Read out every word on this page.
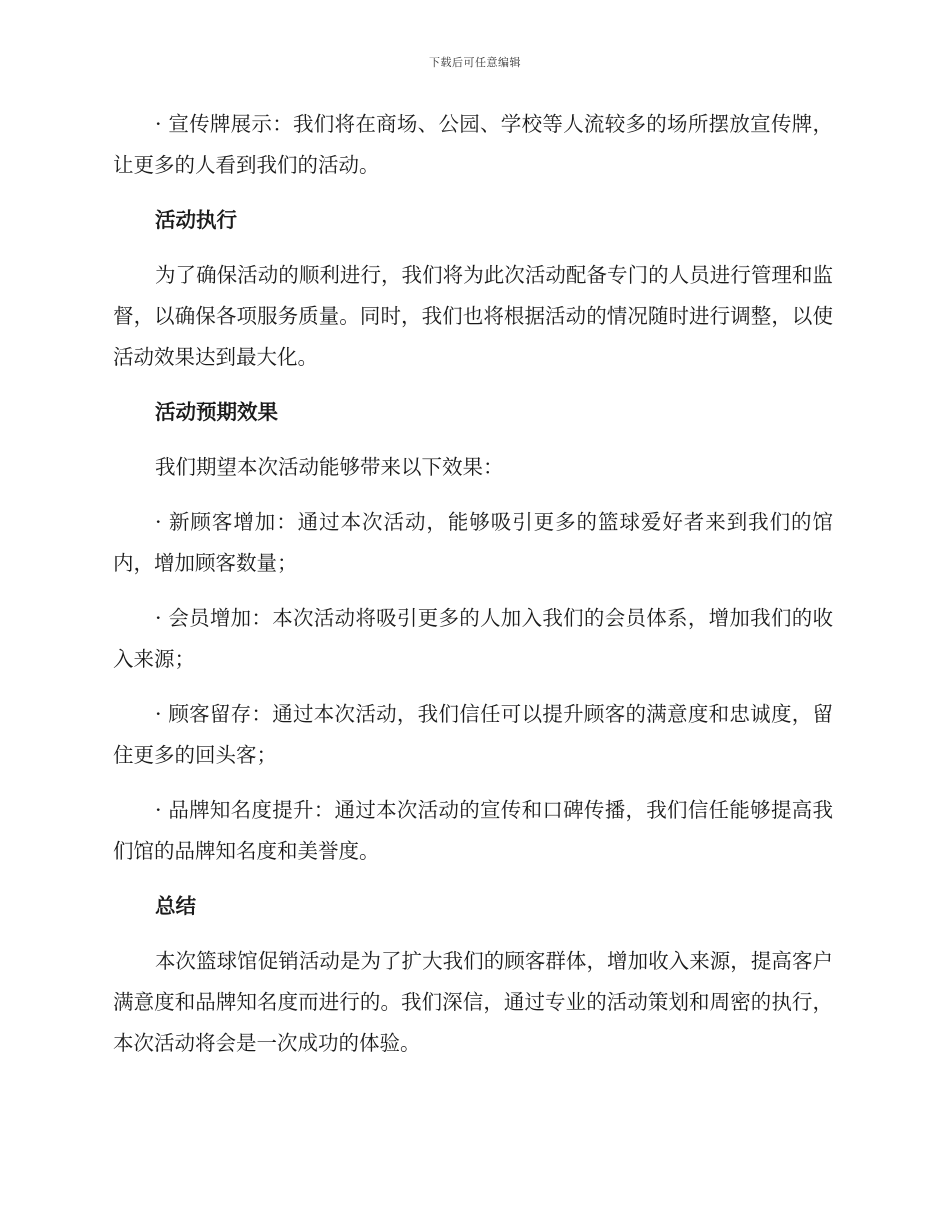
下载后可任意编辑

· 宣传牌展示：我们将在商场、公园、学校等人流较多的场所摆放宣传牌，让更多的人看到我们的活动。

活动执行

为了确保活动的顺利进行，我们将为此次活动配备专门的人员进行管理和监督，以确保各项服务质量。同时，我们也将根据活动的情况随时进行调整，以使活动效果达到最大化。

活动预期效果

我们期望本次活动能够带来以下效果：

· 新顾客增加：通过本次活动，能够吸引更多的篮球爱好者来到我们的馆内，增加顾客数量；

· 会员增加：本次活动将吸引更多的人加入我们的会员体系，增加我们的收入来源；

· 顾客留存：通过本次活动，我们信任可以提升顾客的满意度和忠诚度，留住更多的回头客；

· 品牌知名度提升：通过本次活动的宣传和口碑传播，我们信任能够提高我们馆的品牌知名度和美誉度。

总结

本次篮球馆促销活动是为了扩大我们的顾客群体，增加收入来源，提高客户满意度和品牌知名度而进行的。我们深信，通过专业的活动策划和周密的执行，本次活动将会是一次成功的体验。
